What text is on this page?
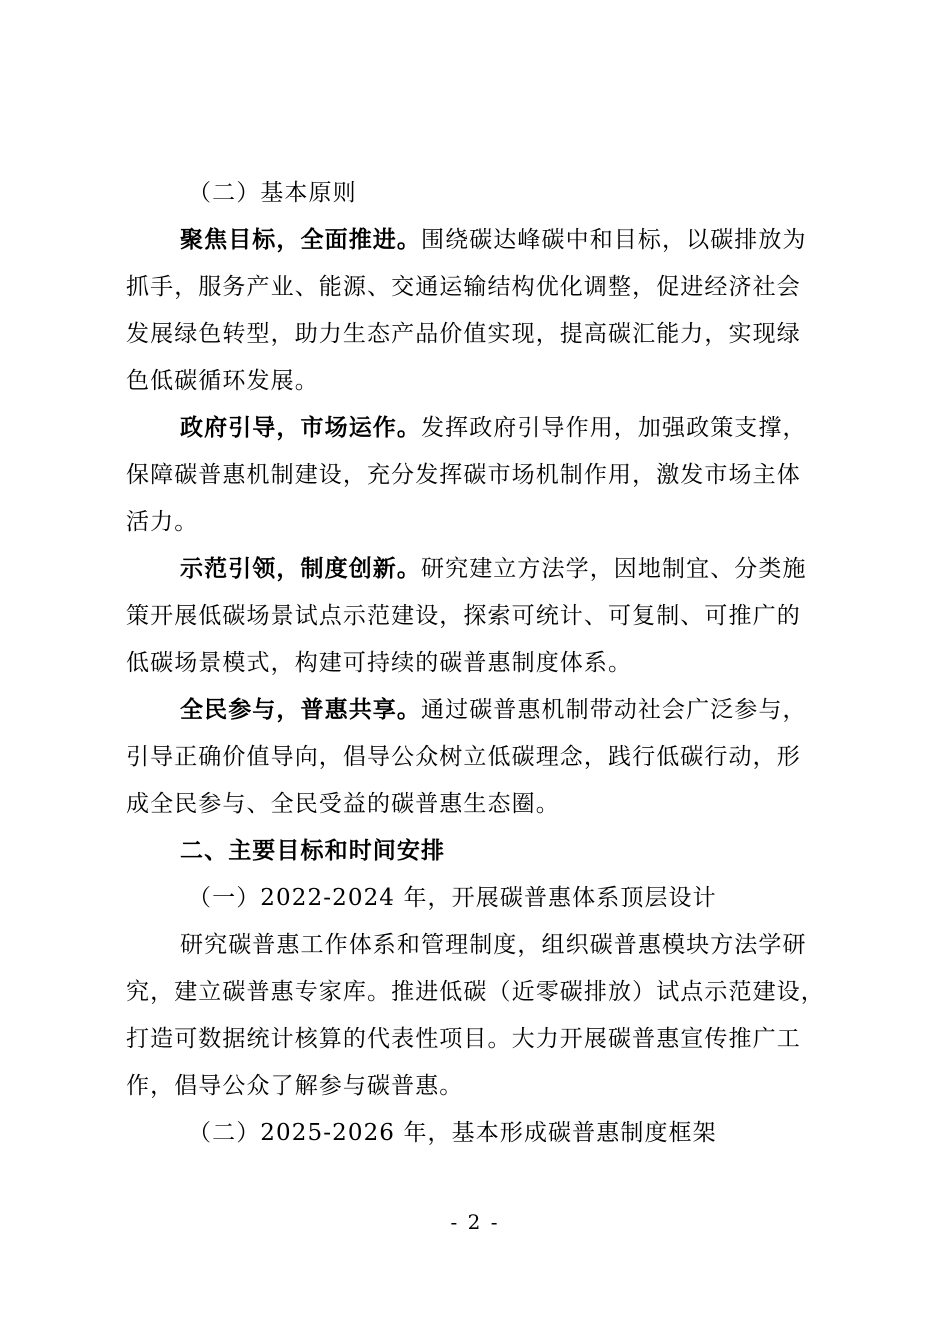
（二）基本原则
聚焦目标，全面推进。围绕碳达峰碳中和目标，以碳排放为
抓手，服务产业、能源、交通运输结构优化调整，促进经济社会
发展绿色转型，助力生态产品价值实现，提高碳汇能力，实现绿
色低碳循环发展。
政府引导，市场运作。发挥政府引导作用，加强政策支撑，
保障碳普惠机制建设，充分发挥碳市场机制作用，激发市场主体
活力。
示范引领，制度创新。研究建立方法学，因地制宜、分类施
策开展低碳场景试点示范建设，探索可统计、可复制、可推广的
低碳场景模式，构建可持续的碳普惠制度体系。
全民参与，普惠共享。通过碳普惠机制带动社会广泛参与，
引导正确价值导向，倡导公众树立低碳理念，践行低碳行动，形
成全民参与、全民受益的碳普惠生态圈。
二、主要目标和时间安排
（一）2022-2024 年，开展碳普惠体系顶层设计
研究碳普惠工作体系和管理制度，组织碳普惠模块方法学研
究，建立碳普惠专家库。推进低碳（近零碳排放）试点示范建设，
打造可数据统计核算的代表性项目。大力开展碳普惠宣传推广工
作，倡导公众了解参与碳普惠。
（二）2025-2026 年，基本形成碳普惠制度框架
- 2 -
